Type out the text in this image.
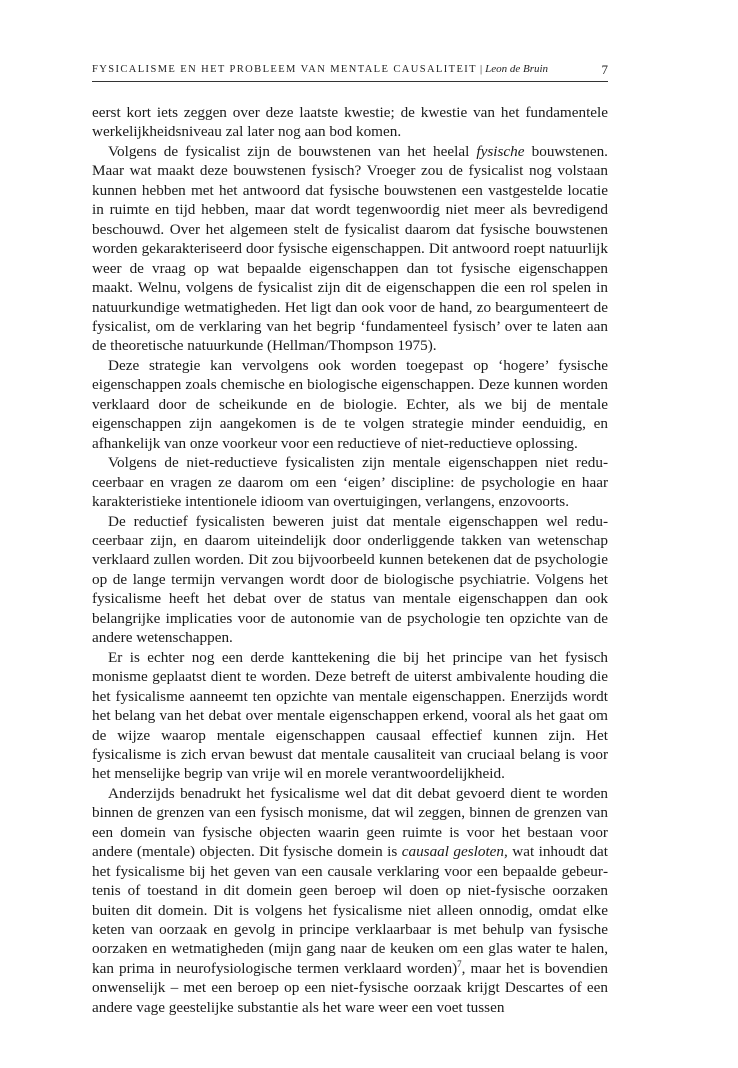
FYSICALISME EN HET PROBLEEM VAN MENTALE CAUSALITEIT | Leon de Bruin	7

eerst kort iets zeggen over deze laatste kwestie; de kwestie van het fundamentele werkelijkheidsniveau zal later nog aan bod komen.

Volgens de fysicalist zijn de bouwstenen van het heelal fysische bouwstenen. Maar wat maakt deze bouwstenen fysisch? Vroeger zou de fysicalist nog volstaan kunnen hebben met het antwoord dat fysische bouwstenen een vastgestelde locatie in ruimte en tijd hebben, maar dat wordt tegenwoordig niet meer als bevredigend beschouwd. Over het algemeen stelt de fysicalist daarom dat fysische bouwstenen worden gekarakteriseerd door fysische eigenschappen. Dit antwoord roept natuurlijk weer de vraag op wat bepaalde eigenschappen dan tot fysische eigenschappen maakt. Welnu, volgens de fysicalist zijn dit de eigenschappen die een rol spelen in natuurkundige wetmatigheden. Het ligt dan ook voor de hand, zo beargumenteert de fysicalist, om de verklaring van het begrip ‘fundamenteel fysisch’ over te laten aan de theoretische natuurkunde (Hellman/Thompson 1975).

Deze strategie kan vervolgens ook worden toegepast op ‘hogere’ fysische eigenschappen zoals chemische en biologische eigenschappen. Deze kunnen worden verklaard door de scheikunde en de biologie. Echter, als we bij de mentale eigenschappen zijn aangekomen is de te volgen strategie minder eenduidig, en afhankelijk van onze voorkeur voor een reductieve of niet-reductieve oplossing.

Volgens de niet-reductieve fysicalisten zijn mentale eigenschappen niet reduceerbaar en vragen ze daarom om een ‘eigen’ discipline: de psychologie en haar karakteristieke intentionele idioom van overtuigingen, verlangens, enzovoorts.

De reductief fysicalisten beweren juist dat mentale eigenschappen wel reduceerbaar zijn, en daarom uiteindelijk door onderliggende takken van wetenschap verklaard zullen worden. Dit zou bijvoorbeeld kunnen betekenen dat de psychologie op de lange termijn vervangen wordt door de biologische psychiatrie. Volgens het fysicalisme heeft het debat over de status van mentale eigenschappen dan ook belangrijke implicaties voor de autonomie van de psychologie ten opzichte van de andere wetenschappen.

Er is echter nog een derde kanttekening die bij het principe van het fysisch monisme geplaatst dient te worden. Deze betreft de uiterst ambivalente houding die het fysicalisme aanneemt ten opzichte van mentale eigenschappen. Enerzijds wordt het belang van het debat over mentale eigenschappen erkend, vooral als het gaat om de wijze waarop mentale eigenschappen causaal effectief kunnen zijn. Het fysicalisme is zich ervan bewust dat mentale causaliteit van cruciaal belang is voor het menselijke begrip van vrije wil en morele verantwoordelijkheid.

Anderzijds benadrukt het fysicalisme wel dat dit debat gevoerd dient te worden binnen de grenzen van een fysisch monisme, dat wil zeggen, binnen de grenzen van een domein van fysische objecten waarin geen ruimte is voor het bestaan voor andere (mentale) objecten. Dit fysische domein is causaal gesloten, wat inhoudt dat het fysicalisme bij het geven van een causale verklaring voor een bepaalde gebeurtenis of toestand in dit domein geen beroep wil doen op niet-fysische oorzaken buiten dit domein. Dit is volgens het fysicalisme niet alleen onnodig, omdat elke keten van oorzaak en gevolg in principe verklaarbaar is met behulp van fysische oorzaken en wetmatigheden (mijn gang naar de keuken om een glas water te halen, kan prima in neurofysiologische termen verklaard worden)$^7$, maar het is bovendien onwenselijk – met een beroep op een niet-fysische oorzaak krijgt Descartes of een andere vage geestelijke substantie als het ware weer een voet tussen
